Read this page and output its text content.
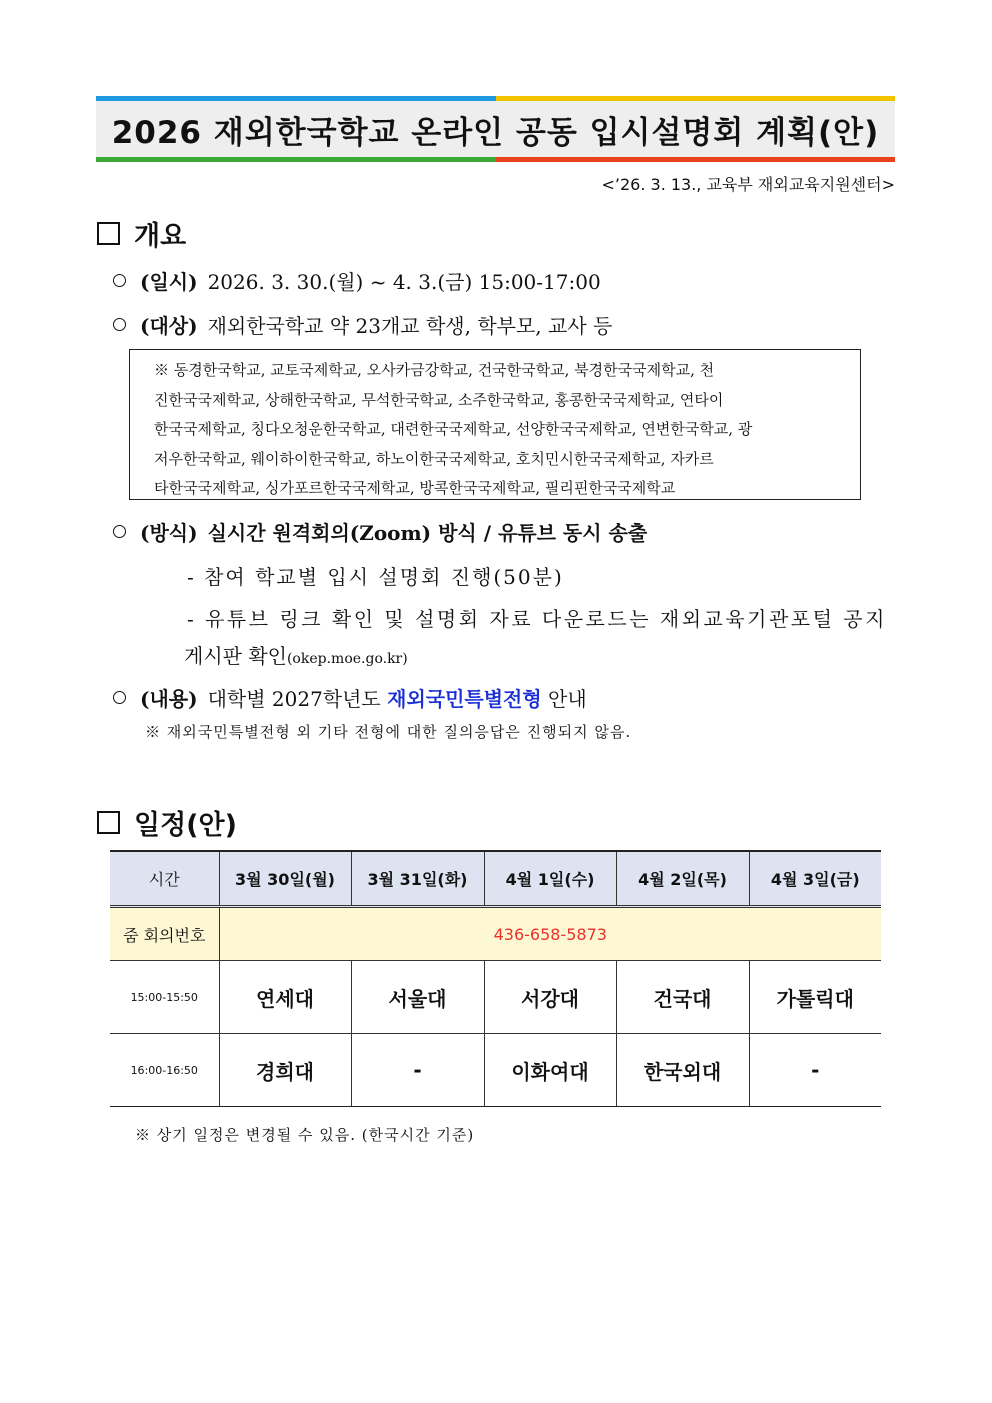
2026 재외한국학교 온라인 공동 입시설명회 계획(안)
<’26. 3. 13., 교육부 재외교육지원센터>
개요
(일시) 2026. 3. 30.(월) ~ 4. 3.(금) 15:00-17:00
(대상) 재외한국학교 약 23개교 학생, 학부모, 교사 등
※ 동경한국학교, 교토국제학교, 오사카금강학교, 건국한국학교, 북경한국국제학교, 천
진한국국제학교, 상해한국학교, 무석한국학교, 소주한국학교, 홍콩한국국제학교, 연타이
한국국제학교, 칭다오청운한국학교, 대련한국국제학교, 선양한국국제학교, 연변한국학교, 광
저우한국학교, 웨이하이한국학교, 하노이한국국제학교, 호치민시한국국제학교, 자카르
타한국국제학교, 싱가포르한국국제학교, 방콕한국국제학교, 필리핀한국국제학교
(방식) 실시간 원격회의(Zoom) 방식 / 유튜브 동시 송출
- 참여 학교별 입시 설명회 진행(50분)
- 유튜브 링크 확인 및 설명회 자료 다운로드는 재외교육기관포털 공지
게시판 확인(okep.moe.go.kr)
(내용) 대학별 2027학년도 재외국민특별전형 안내
※ 재외국민특별전형 외 기타 전형에 대한 질의응답은 진행되지 않음.
일정(안)
시간	3월 30일(월)	3월 31일(화)	4월 1일(수)	4월 2일(목)	4월 3일(금)
줌 회의번호	436-658-5873				
15:00-15:50	연세대	서울대	서강대	건국대	가톨릭대
16:00-16:50	경희대	-	이화여대	한국외대	-
※ 상기 일정은 변경될 수 있음. (한국시간 기준)
